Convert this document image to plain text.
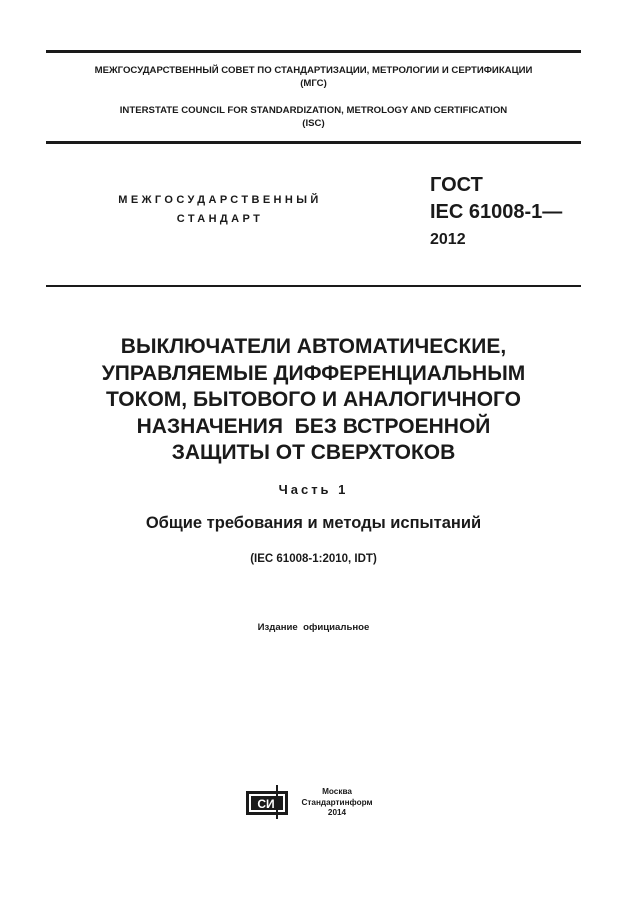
МЕЖГОСУДАРСТВЕННЫЙ СОВЕТ ПО СТАНДАРТИЗАЦИИ, МЕТРОЛОГИИ И СЕРТИФИКАЦИИ
(МГС)
INTERSTATE COUNCIL FOR STANDARDIZATION, METROLOGY AND CERTIFICATION
(ISC)
МЕЖГОСУДАРСТВЕННЫЙ
СТАНДАРТ
ГОСТ
IEC 61008-1—
2012
ВЫКЛЮЧАТЕЛИ АВТОМАТИЧЕСКИЕ,
УПРАВЛЯЕМЫЕ ДИФФЕРЕНЦИАЛЬНЫМ
ТОКОМ, БЫТОВОГО И АНАЛОГИЧНОГО
НАЗНАЧЕНИЯ  БЕЗ ВСТРОЕННОЙ
ЗАЩИТЫ ОТ СВЕРХТОКОВ
Часть 1
Общие требования и методы испытаний
(IEC 61008-1:2010, IDT)
Издание  официальное
СИ
Москва
Стандартинформ
2014
